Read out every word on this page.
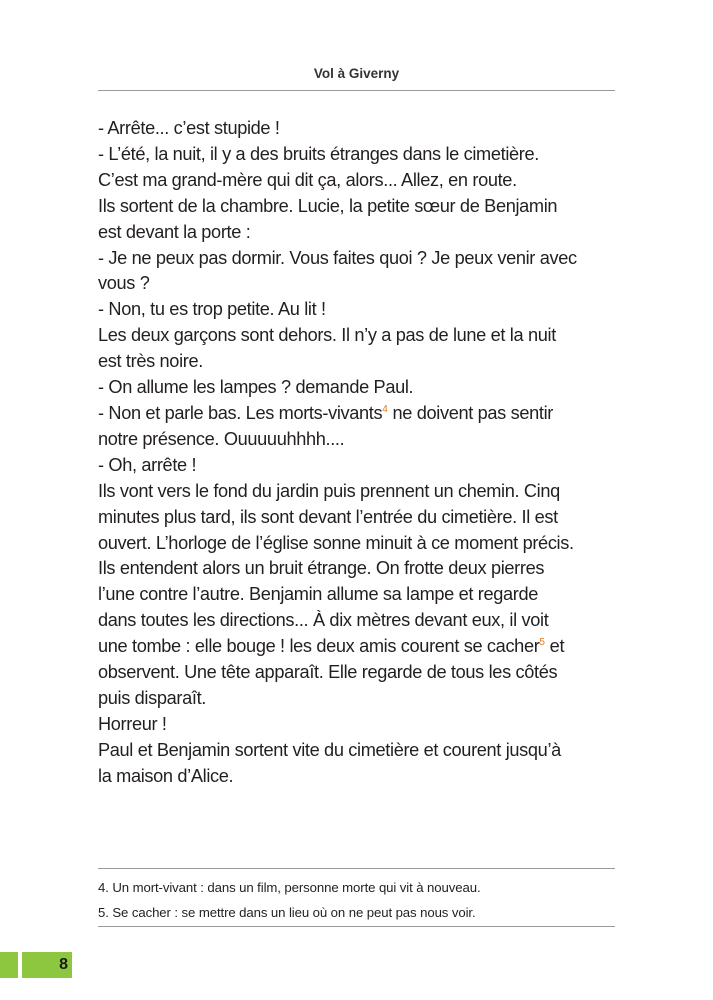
Vol à Giverny
- Arrête... c’est stupide !
- L’été, la nuit, il y a des bruits étranges dans le cimetière.
C’est ma grand-mère qui dit ça, alors... Allez, en route.
Ils sortent de la chambre. Lucie, la petite sœur de Benjamin
est devant la porte :
- Je ne peux pas dormir. Vous faites quoi ? Je peux venir avec
vous ?
- Non, tu es trop petite. Au lit !
Les deux garçons sont dehors. Il n’y a pas de lune et la nuit
est très noire.
- On allume les lampes ? demande Paul.
- Non et parle bas. Les morts-vivants$^4$ ne doivent pas sentir
notre présence. Ouuuuuhhhh....
- Oh, arrête !
Ils vont vers le fond du jardin puis prennent un chemin. Cinq
minutes plus tard, ils sont devant l’entrée du cimetière. Il est
ouvert. L’horloge de l’église sonne minuit à ce moment précis.
Ils entendent alors un bruit étrange. On frotte deux pierres
l’une contre l’autre. Benjamin allume sa lampe et regarde
dans toutes les directions... À dix mètres devant eux, il voit
une tombe : elle bouge ! les deux amis courent se cacher$^5$ et
observent. Une tête apparaît. Elle regarde de tous les côtés
puis disparaît.
Horreur !
Paul et Benjamin sortent vite du cimetière et courent jusqu’à
la maison d’Alice.
4. Un mort-vivant : dans un film, personne morte qui vit à nouveau.
5. Se cacher : se mettre dans un lieu où on ne peut pas nous voir.
8
